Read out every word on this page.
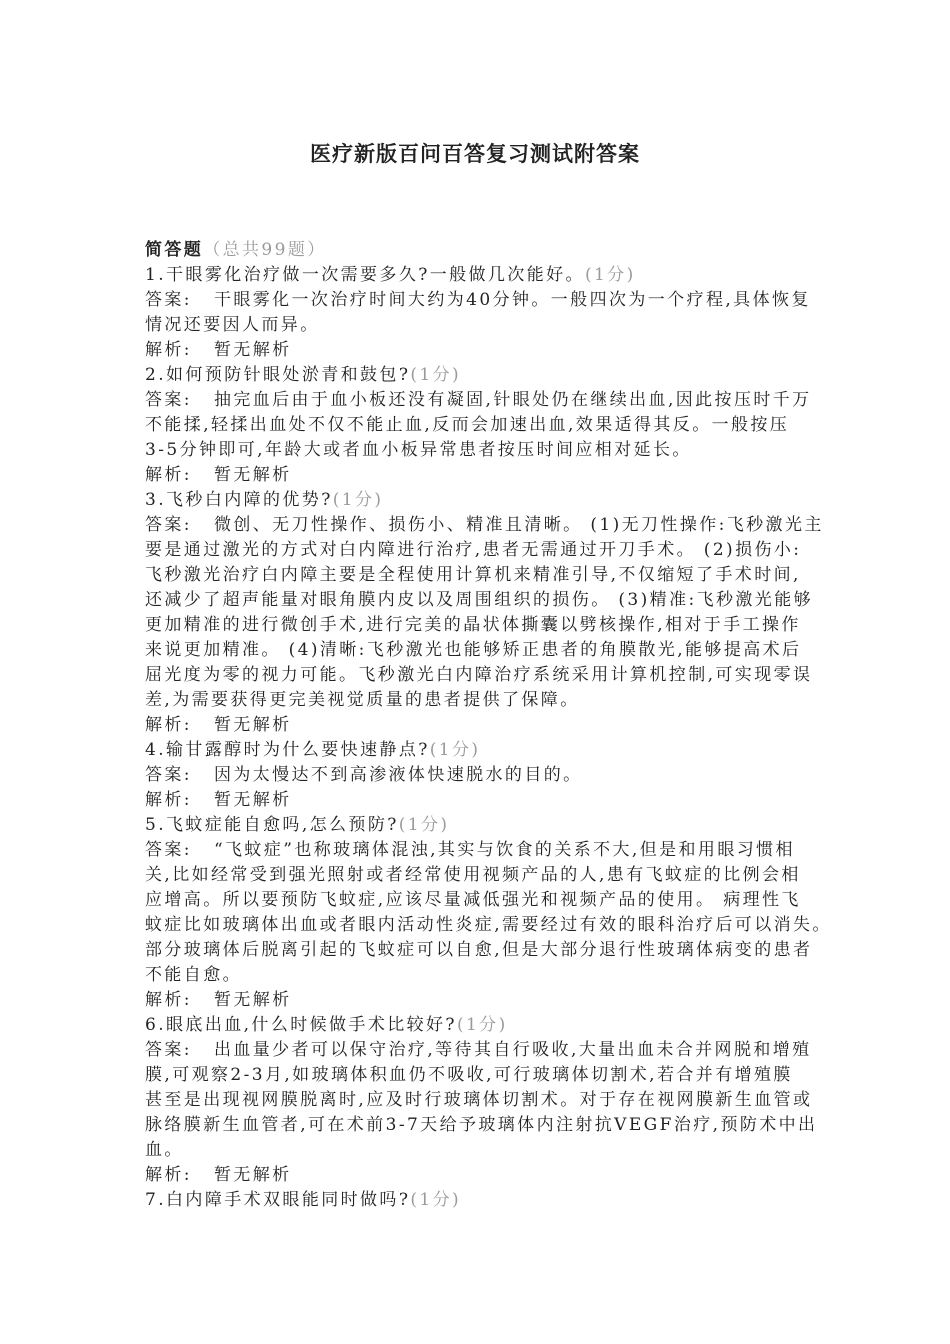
医疗新版百问百答复习测试附答案
简答题（总共99题）
1.干眼雾化治疗做一次需要多久?一般做几次能好。(1分)
答案: 干眼雾化一次治疗时间大约为40分钟。一般四次为一个疗程,具体恢复
情况还要因人而异。
解析: 暂无解析
2.如何预防针眼处淤青和鼓包?(1分)
答案: 抽完血后由于血小板还没有凝固,针眼处仍在继续出血,因此按压时千万
不能揉,轻揉出血处不仅不能止血,反而会加速出血,效果适得其反。一般按压
3-5分钟即可,年龄大或者血小板异常患者按压时间应相对延长。
解析: 暂无解析
3.飞秒白内障的优势?(1分)
答案: 微创、无刀性操作、损伤小、精准且清晰。 (1)无刀性操作:飞秒激光主
要是通过激光的方式对白内障进行治疗,患者无需通过开刀手术。 (2)损伤小:
飞秒激光治疗白内障主要是全程使用计算机来精准引导,不仅缩短了手术时间,
还减少了超声能量对眼角膜内皮以及周围组织的损伤。 (3)精准:飞秒激光能够
更加精准的进行微创手术,进行完美的晶状体撕囊以劈核操作,相对于手工操作
来说更加精准。 (4)清晰:飞秒激光也能够矫正患者的角膜散光,能够提高术后
屈光度为零的视力可能。飞秒激光白内障治疗系统采用计算机控制,可实现零误
差,为需要获得更完美视觉质量的患者提供了保障。
解析: 暂无解析
4.输甘露醇时为什么要快速静点?(1分)
答案: 因为太慢达不到高渗液体快速脱水的目的。
解析: 暂无解析
5.飞蚊症能自愈吗,怎么预防?(1分)
答案: “飞蚊症”也称玻璃体混浊,其实与饮食的关系不大,但是和用眼习惯相
关,比如经常受到强光照射或者经常使用视频产品的人,患有飞蚊症的比例会相
应增高。所以要预防飞蚊症,应该尽量减低强光和视频产品的使用。 病理性飞
蚊症比如玻璃体出血或者眼内活动性炎症,需要经过有效的眼科治疗后可以消失。
部分玻璃体后脱离引起的飞蚊症可以自愈,但是大部分退行性玻璃体病变的患者
不能自愈。
解析: 暂无解析
6.眼底出血,什么时候做手术比较好?(1分)
答案: 出血量少者可以保守治疗,等待其自行吸收,大量出血未合并网脱和增殖
膜,可观察2-3月,如玻璃体积血仍不吸收,可行玻璃体切割术,若合并有增殖膜
甚至是出现视网膜脱离时,应及时行玻璃体切割术。对于存在视网膜新生血管或
脉络膜新生血管者,可在术前3-7天给予玻璃体内注射抗VEGF治疗,预防术中出
血。
解析: 暂无解析
7.白内障手术双眼能同时做吗?(1分)
